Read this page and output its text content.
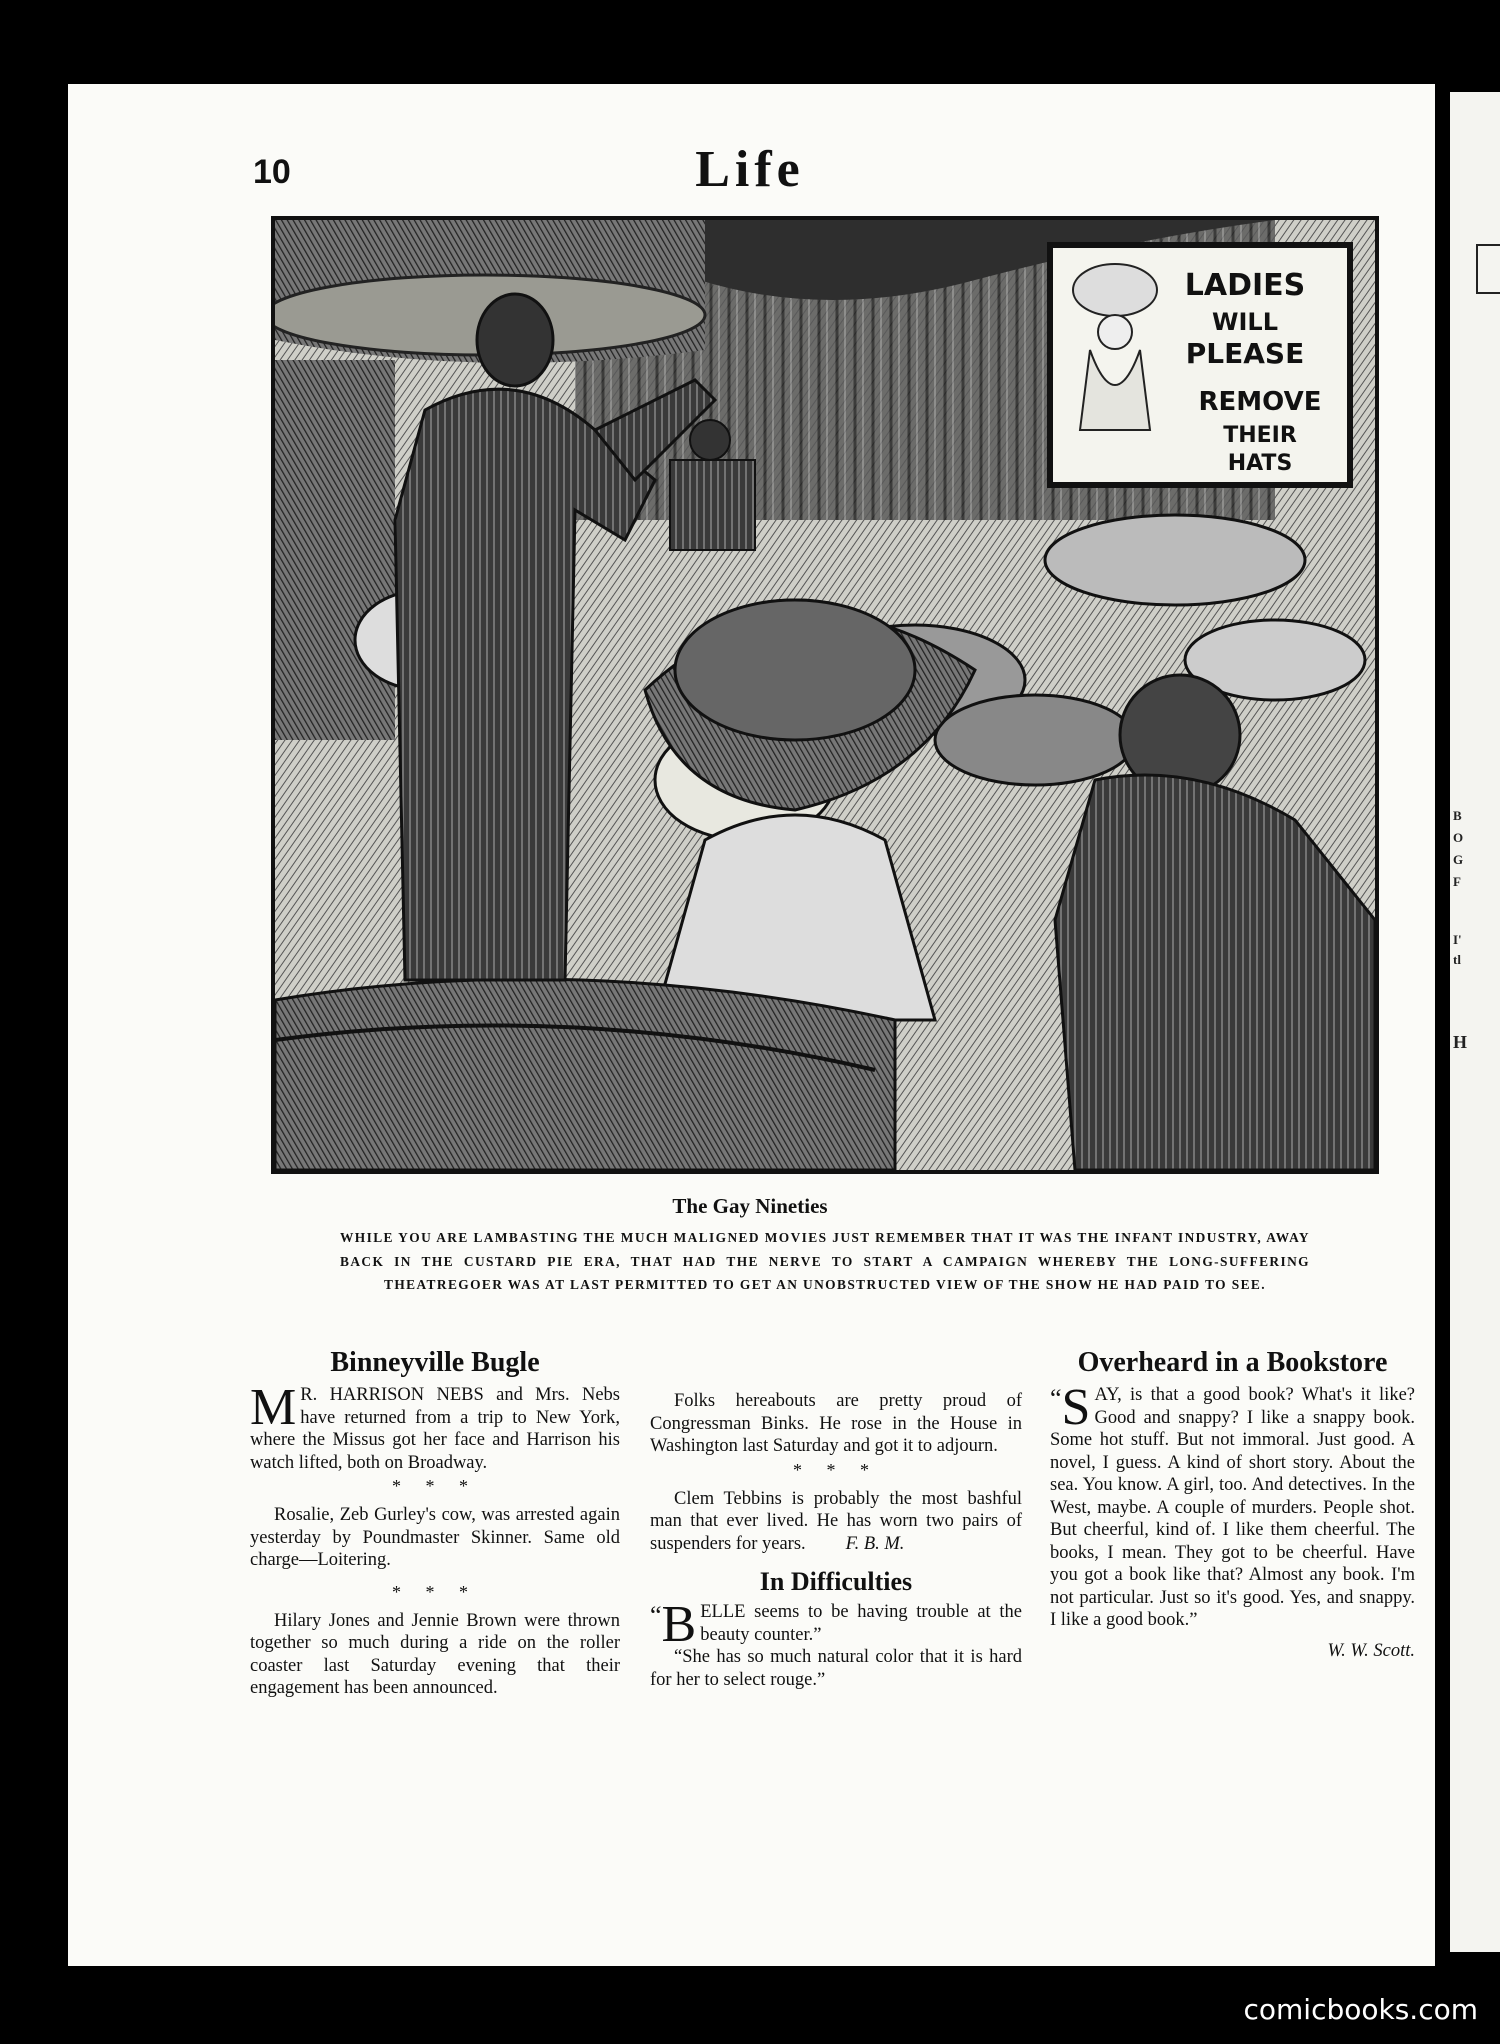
B
O
G
F
I'
tl
H
10	Life
LADIES
WILL
PLEASE
REMOVE
THEIR
HATS
The Gay Nineties
WHILE YOU ARE LAMBASTING THE MUCH MALIGNED MOVIES JUST REMEMBER THAT IT WAS THE INFANT INDUSTRY, AWAY BACK IN THE CUSTARD PIE ERA, THAT HAD THE NERVE TO START A CAMPAIGN WHEREBY THE LONG-SUFFERING THEATREGOER WAS AT LAST PERMITTED TO GET AN UNOBSTRUCTED VIEW OF THE SHOW HE HAD PAID TO SEE.
Binneyville Bugle

M R. HARRISON NEBS and Mrs. Nebs have returned from a trip to New York, where the Missus got her face and Harrison his watch lifted, both on Broadway.

* * *

Rosalie, Zeb Gurley's cow, was arrested again yesterday by Poundmaster Skinner. Same old charge—Loitering.

* * *

Hilary Jones and Jennie Brown were thrown together so much during a ride on the roller coaster last Saturday evening that their engagement has been announced.

Folks hereabouts are pretty proud of Congressman Binks. He rose in the House in Washington last Saturday and got it to adjourn.

* * *

Clem Tebbins is probably the most bashful man that ever lived. He has worn two pairs of suspenders for years. F. B. M.

In Difficulties

“ B ELLE seems to be having trouble at the beauty counter.”

“She has so much natural color that it is hard for her to select rouge.”

Overheard in a Bookstore

“ S AY, is that a good book? What's it like? Good and snappy? I like a snappy book. Some hot stuff. But not immoral. Just good. A novel, I guess. A kind of short story. About the sea. You know. A girl, too. And detectives. In the West, maybe. A couple of murders. People shot. But cheerful, kind of. I like them cheerful. The books, I mean. They got to be cheerful. Have you got a book like that? Almost any book. I'm not particular. Just so it's good. Yes, and snappy. I like a good book.”

W. W. Scott.
comicbooks.com
